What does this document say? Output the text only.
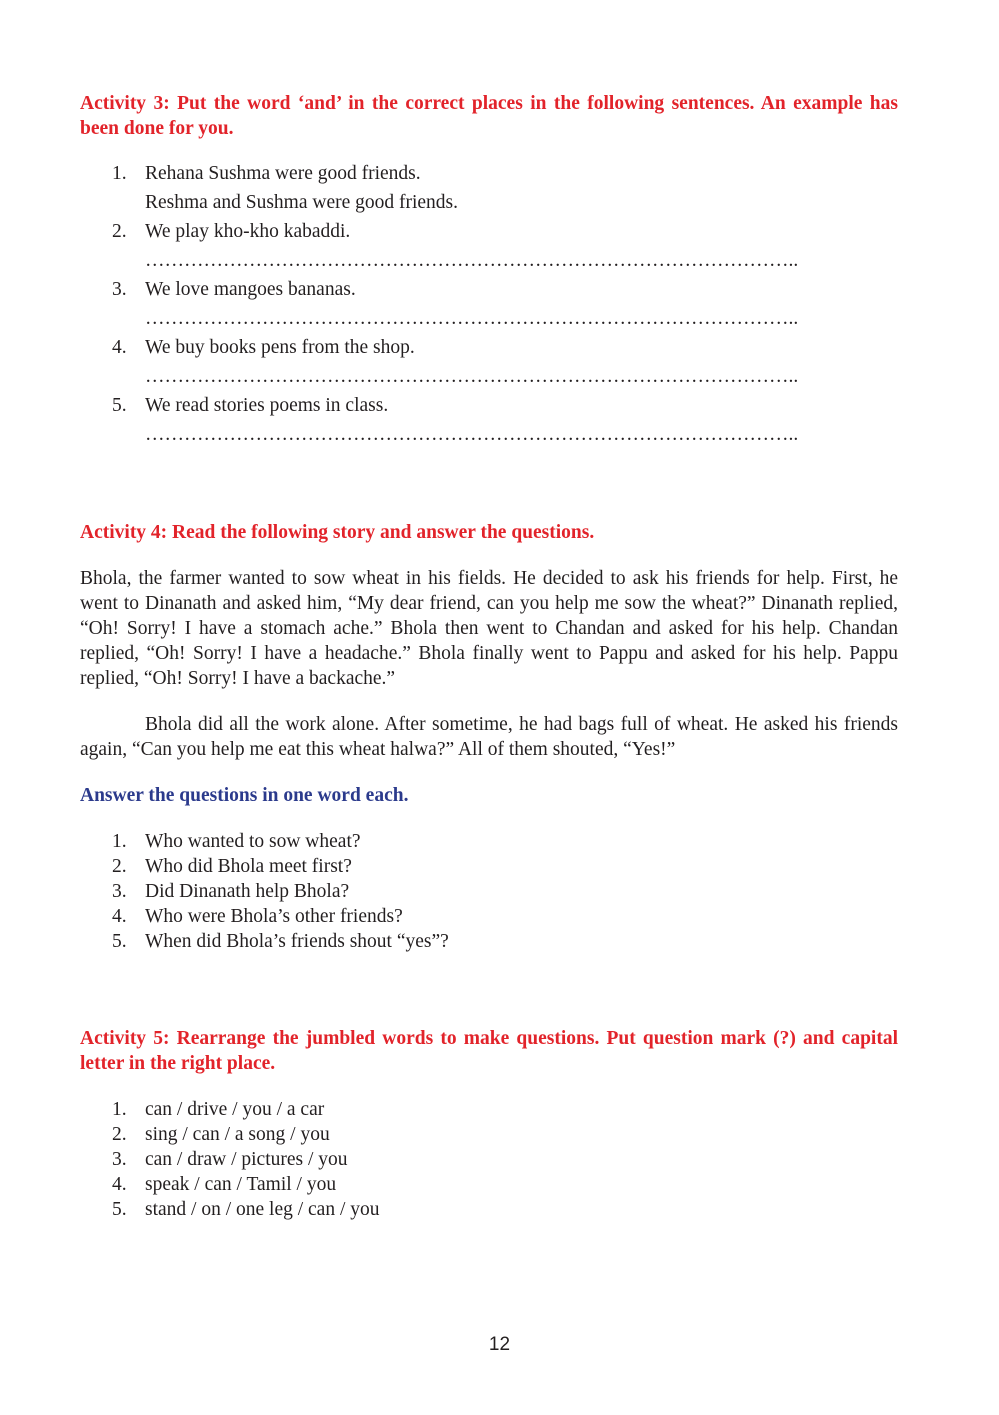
Activity 3: Put the word ‘and’ in the correct places in the following sentences. An example has been done for you.

1. Rehana Sushma were good friends.
Reshma and Sushma were good friends.
2. We play kho-kho kabaddi.
………………………………………………………………………………………..
3. We love mangoes bananas.
………………………………………………………………………………………..
4. We buy books pens from the shop.
………………………………………………………………………………………..
5. We read stories poems in class.
………………………………………………………………………………………..

Activity 4: Read the following story and answer the questions.

Bhola, the farmer wanted to sow wheat in his fields. He decided to ask his friends for help. First, he went to Dinanath and asked him, “My dear friend, can you help me sow the wheat?” Dinanath replied, “Oh! Sorry! I have a stomach ache.” Bhola then went to Chandan and asked for his help. Chandan replied, “Oh! Sorry! I have a headache.” Bhola finally went to Pappu and asked for his help. Pappu replied, “Oh! Sorry! I have a backache.”

Bhola did all the work alone. After sometime, he had bags full of wheat. He asked his friends again, “Can you help me eat this wheat halwa?” All of them shouted, “Yes!”

Answer the questions in one word each.

1. Who wanted to sow wheat?
2. Who did Bhola meet first?
3. Did Dinanath help Bhola?
4. Who were Bhola’s other friends?
5. When did Bhola’s friends shout “yes”?

Activity 5: Rearrange the jumbled words to make questions. Put question mark (?) and capital letter in the right place.

1. can / drive / you / a car
2. sing / can / a song / you
3. can / draw / pictures / you
4. speak / can / Tamil / you
5. stand / on / one leg / can / you
12
